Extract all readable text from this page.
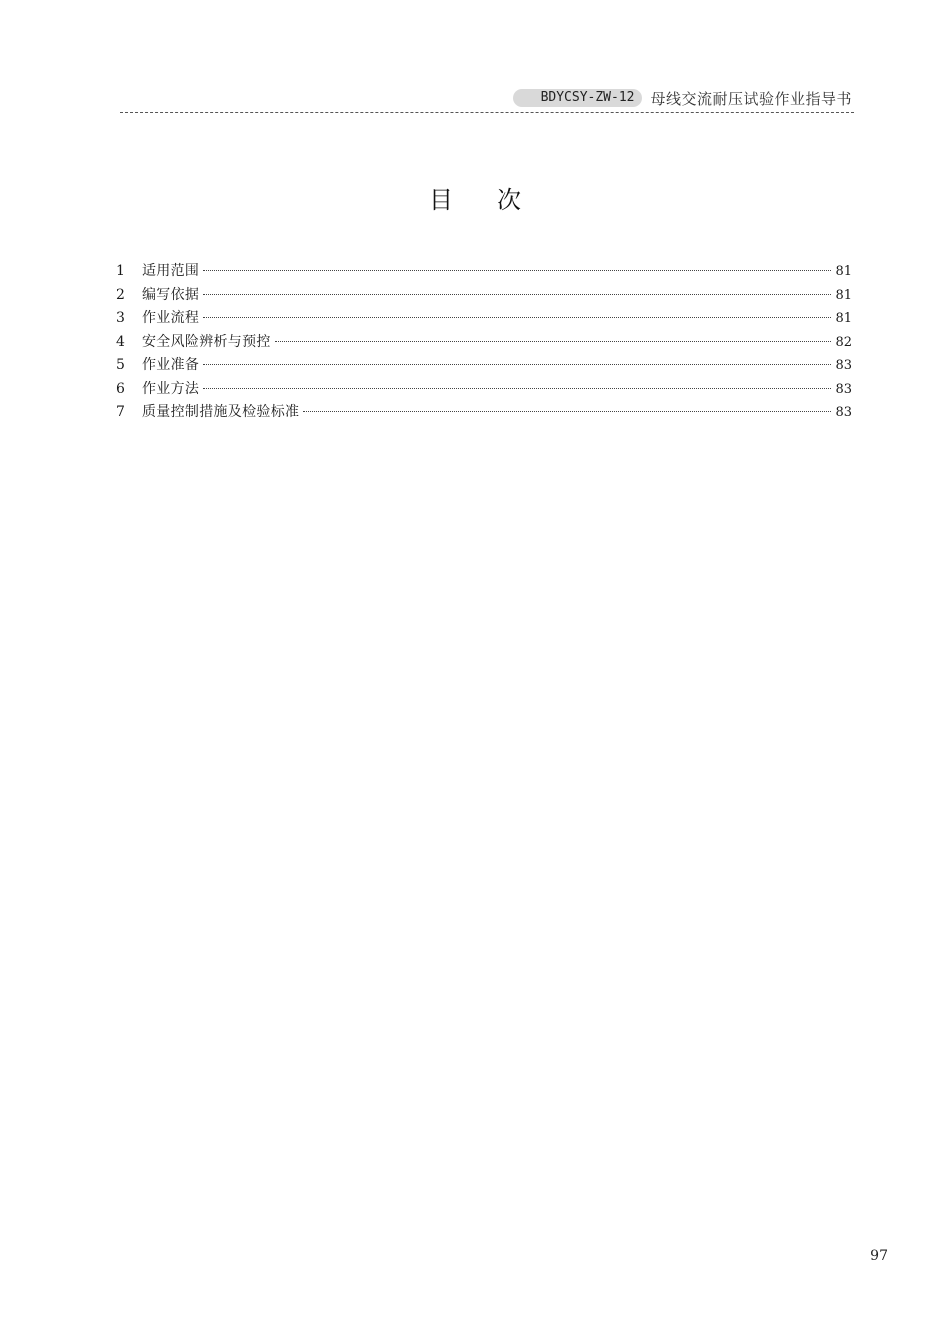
BDYCSY-ZW-12	母线交流耐压试验作业指导书
目次
1	适用范围	81
2	编写依据	81
3	作业流程	81
4	安全风险辨析与预控	82
5	作业准备	83
6	作业方法	83
7	质量控制措施及检验标准	83
97
